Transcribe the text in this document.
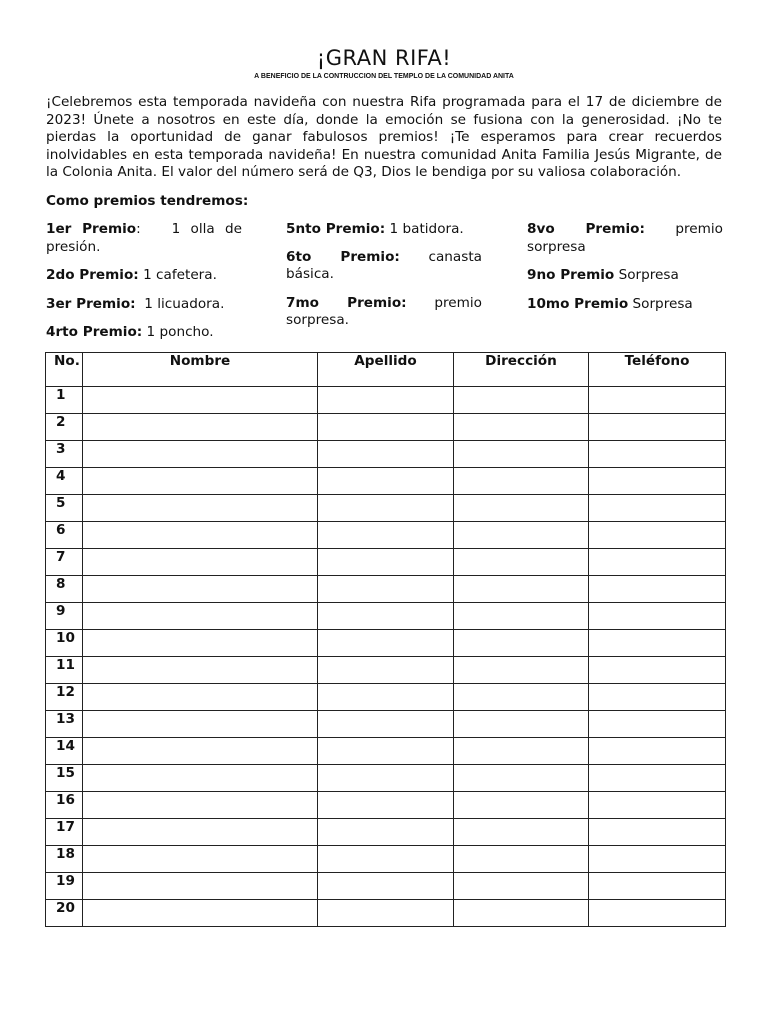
¡GRAN RIFA!
A BENEFICIO DE LA CONTRUCCION DEL TEMPLO DE LA COMUNIDAD ANITA
¡Celebremos esta temporada navideña con nuestra Rifa programada para el 17 de diciembre de 2023! Únete a nosotros en este día, donde la emoción se fusiona con la generosidad. ¡No te pierdas la oportunidad de ganar fabulosos premios! ¡Te esperamos para crear recuerdos inolvidables en esta temporada navideña! En nuestra comunidad Anita Familia Jesús Migrante, de la Colonia Anita. El valor del número será de Q3, Dios le bendiga por su valiosa colaboración.
Como premios tendremos:
1er Premio:   1 olla de presión.
2do Premio: 1 cafetera.
3er Premio:  1 licuadora.
4rto Premio: 1 poncho.
5nto Premio: 1 batidora.
6to Premio: canasta básica.
7mo Premio: premio sorpresa.
8vo Premio: premio sorpresa
9no Premio Sorpresa
10mo Premio Sorpresa
No.	Nombre	Apellido	Dirección	Teléfono
1				
2				
3				
4				
5				
6				
7				
8				
9				
10				
11				
12				
13				
14				
15				
16				
17				
18				
19				
20				
